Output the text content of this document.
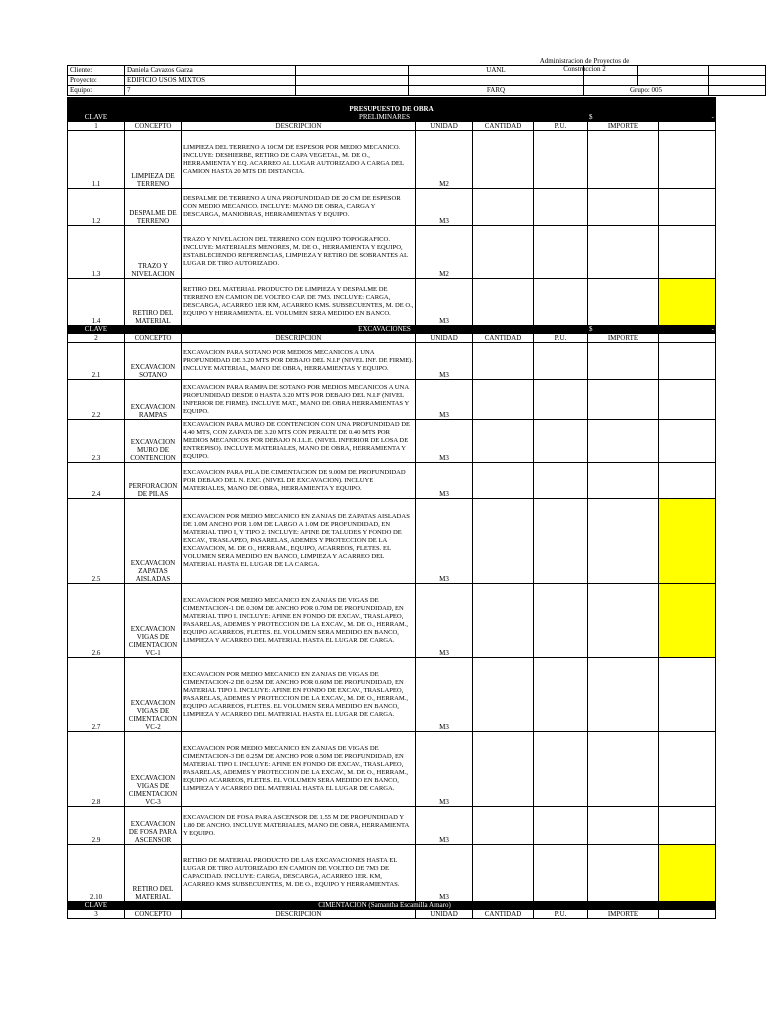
Administracion de Proyectos de Construccion 2
Cliente:	Daniela Cavazos Garza		UANL			
Proyecto:	EDIFICIO USOS MIXTOS					
Equipo:	7		FARQ	Grupo: 005		
PRESUPUESTO DE OBRA							
CLAVE		PRELIMINARES				$	-
1	CONCEPTO	DESCRIPCION	UNIDAD	CANTIDAD	P.U.	IMPORTE	
1.1	LIMPIEZA DE TERRENO	LIMPIEZA DEL TERRENO A 10CM DE ESPESOR POR MEDIO MECANICO. INCLUYE: DESHIERBE, RETIRO DE CAPA VEGETAL, M. DE O., HERRAMIENTA Y EQ. ACARREO AL LUGAR AUTORIZADO A CARGA DEL CAMION HASTA 20 MTS DE DISTANCIA.	M2				
1.2	DESPALME DE TERRENO	DESPALME DE TERRENO A UNA PROFUNDIDAD DE 20 CM DE ESPESOR CON MEDIO MECANICO. INCLUYE: MANO DE OBRA, CARGA Y DESCARGA, MANIOBRAS, HERRAMIENTAS Y EQUIPO.	M3				
1.3	TRAZO Y NIVELACION	TRAZO Y NIVELACION DEL TERRENO CON EQUIPO TOPOGRAFICO. INCLUYE: MATERIALES MENORES, M. DE O., HERRAMIENTA Y EQUIPO, ESTABLECIENDO REFERENCIAS, LIMPIEZA Y RETIRO DE SOBRANTES AL LUGAR DE TIRO AUTORIZADO.	M2				
1.4	RETIRO DEL MATERIAL	RETIRO DEL MATERIAL PRODUCTO DE LIMPIEZA Y DESPALME DE TERRENO EN CAMION DE VOLTEO CAP. DE 7M3. INCLUYE: CARGA, DESCARGA, ACARREO 1ER KM, ACARREO KMS. SUBSECUENTES, M. DE O., EQUIPO Y HERRAMIENTA. EL VOLUMEN SERA MEDIDO EN BANCO.	M3				
CLAVE		EXCAVACIONES				$	-
2	CONCEPTO	DESCRIPCION	UNIDAD	CANTIDAD	P.U.	IMPORTE	
2.1	EXCAVACION SOTANO	EXCAVACION PARA SOTANO POR MEDIOS MECANICOS A UNA PROFUNDIDAD DE 3.20 MTS POR DEBAJO DEL N.I.F (NIVEL INF. DE FIRME). INCLUYE MATERIAL, MANO DE OBRA, HERRAMIENTAS Y EQUIPO.	M3				
2.2	EXCAVACION RAMPAS	EXCAVACION PARA RAMPA DE SOTANO POR MEDIOS MECANICOS A UNA PROFUNDIDAD DESDE 0 HASTA 3.20 MTS POR DEBAJO DEL N.I.F (NIVEL INFERIOR DE FIRME). INCLUYE MAT., MANO DE OBRA HERRAMIENTAS Y EQUIPO.	M3				
2.3	EXCAVACION MURO DE CONTENCION	EXCAVACION PARA MURO DE CONTENCION CON UNA PROFUNDIDAD DE 4.40 MTS, CON ZAPATA DE 3.20 MTS CON PERALTE DE 0.40 MTS POR MEDIOS MECANICOS POR DEBAJO N.I.L.E. (NIVEL INFERIOR DE LOSA DE ENTREPISO). INCLUYE MATERIALES, MANO DE OBRA, HERRAMIENTA Y EQUIPO.	M3				
2.4	PERFORACION DE PILAS	EXCAVACION PARA PILA DE CIMENTACION DE 9.00M DE PROFUNDIDAD POR DEBAJO DEL N. EXC. (NIVEL DE EXCAVACION). INCLUYE MATERIALES, MANO DE OBRA, HERRAMIENTA Y EQUIPO.	M3				
2.5	EXCAVACION ZAPATAS AISLADAS	EXCAVACION POR MEDIO MECANICO EN ZANJAS DE ZAPATAS AISLADAS DE 1.0M ANCHO POR 1.0M DE LARGO A 1.0M DE PROFUNDIDAD, EN MATERIAL TIPO I, Y TIPO 2. INCLUYE: AFINE DE TALUDES Y FONDO DE EXCAV., TRASLAPEO, PASARELAS, ADEMES Y PROTECCION DE LA EXCAVACION, M. DE O., HERRAM., EQUIPO, ACARREOS, FLETES. EL VOLUMEN SERA MEDIDO EN BANCO, LIMPIEZA Y ACARREO DEL MATERIAL HASTA EL LUGAR DE LA CARGA.	M3				
2.6	EXCAVACION VIGAS DE CIMENTACION VC-1	EXCAVACION POR MEDIO MECANICO EN ZANJAS DE VIGAS DE CIMENTACION-1 DE 0.30M DE ANCHO POR 0.70M DE PROFUNDIDAD, EN MATERIAL TIPO I. INCLUYE: AFINE EN FONDO DE EXCAV., TRASLAPEO, PASARELAS, ADEMES Y PROTECCION DE LA EXCAV., M. DE O., HERRAM., EQUIPO ACARREOS, FLETES. EL VOLUMEN SERA MEDIDO EN BANCO, LIMPIEZA Y ACARREO DEL MATERIAL HASTA EL LUGAR DE CARGA.	M3				
2.7	EXCAVACION VIGAS DE CIMENTACION VC-2	EXCAVACION POR MEDIO MECANICO EN ZANJAS DE VIGAS DE CIMENTACION-2 DE 0.25M DE ANCHO POR 0.60M DE PROFUNDIDAD, EN MATERIAL TIPO I. INCLUYE: AFINE EN FONDO DE EXCAV., TRASLAPEO, PASARELAS, ADEMES Y PROTECCION DE LA EXCAV., M. DE O., HERRAM., EQUIPO ACARREOS, FLETES. EL VOLUMEN SERA MEDIDO EN BANCO, LIMPIEZA Y ACARREO DEL MATERIAL HASTA EL LUGAR DE CARGA.	M3				
2.8	EXCAVACION VIGAS DE CIMENTACION VC-3	EXCAVACION POR MEDIO MECANICO EN ZANJAS DE VIGAS DE CIMENTACION-3 DE 0.25M DE ANCHO POR 0.50M DE PROFUNDIDAD, EN MATERIAL TIPO I. INCLUYE: AFINE EN FONDO DE EXCAV., TRASLAPEO, PASARELAS, ADEMES Y PROTECCION DE LA EXCAV., M. DE O., HERRAM., EQUIPO ACARREOS, FLETES. EL VOLUMEN SERA MEDIDO EN BANCO, LIMPIEZA Y ACARREO DEL MATERIAL HASTA EL LUGAR DE CARGA.	M3				
2.9	EXCAVACION DE FOSA PARA ASCENSOR	EXCAVACION DE FOSA PARA ASCENSOR DE 1.55 M DE PROFUNDIDAD Y 1.80 DE ANCHO. INCLUYE MATERIALES, MANO DE OBRA, HERRAMIENTA Y EQUIPO.	M3				
2.10	RETIRO DEL MATERIAL	RETIRO DE MATERIAL PRODUCTO DE LAS EXCAVACIONES HASTA EL LUGAR DE TIRO AUTORIZADO EN CAMION DE VOLTEO DE 7M3 DE CAPACIDAD. INCLUYE: CARGA, DESCARGA, ACARREO 1ER. KM, ACARREO KMS SUBSECUENTES, M. DE O., EQUIPO Y HERRAMIENTAS.	M3				
CLAVE		CIMENTACION (Samantha Escamilla Amaro)					
3	CONCEPTO	DESCRIPCION	UNIDAD	CANTIDAD	P.U.	IMPORTE	
